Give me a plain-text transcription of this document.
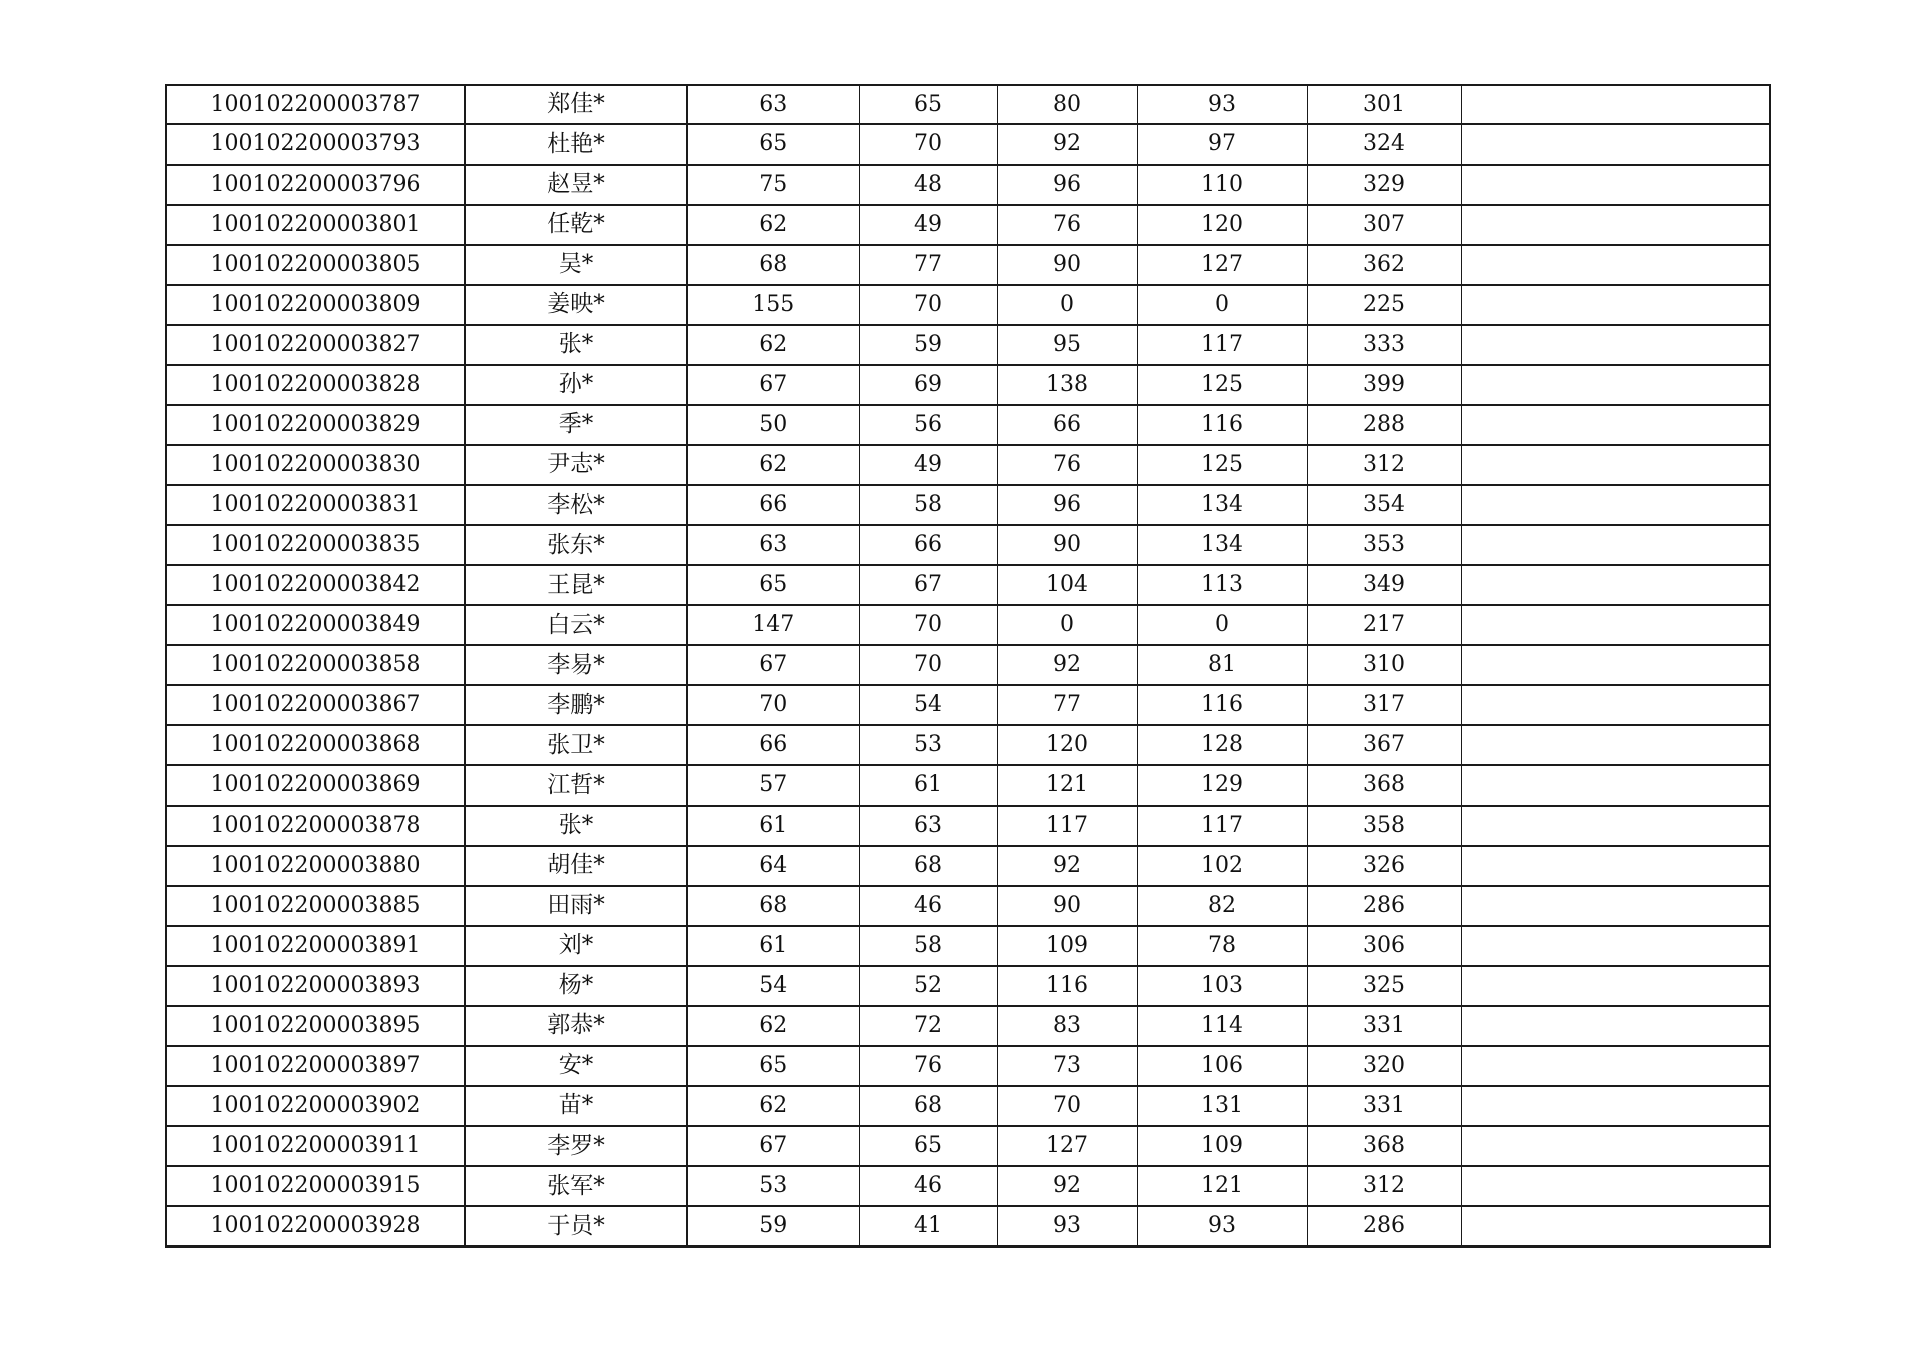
100102200003787	郑佳*	63	65	80	93	301	
100102200003793	杜艳*	65	70	92	97	324	
100102200003796	赵昱*	75	48	96	110	329	
100102200003801	任乾*	62	49	76	120	307	
100102200003805	吴*	68	77	90	127	362	
100102200003809	姜映*	155	70	0	0	225	
100102200003827	张*	62	59	95	117	333	
100102200003828	孙*	67	69	138	125	399	
100102200003829	季*	50	56	66	116	288	
100102200003830	尹志*	62	49	76	125	312	
100102200003831	李松*	66	58	96	134	354	
100102200003835	张东*	63	66	90	134	353	
100102200003842	王昆*	65	67	104	113	349	
100102200003849	白云*	147	70	0	0	217	
100102200003858	李易*	67	70	92	81	310	
100102200003867	李鹏*	70	54	77	116	317	
100102200003868	张卫*	66	53	120	128	367	
100102200003869	江哲*	57	61	121	129	368	
100102200003878	张*	61	63	117	117	358	
100102200003880	胡佳*	64	68	92	102	326	
100102200003885	田雨*	68	46	90	82	286	
100102200003891	刘*	61	58	109	78	306	
100102200003893	杨*	54	52	116	103	325	
100102200003895	郭恭*	62	72	83	114	331	
100102200003897	安*	65	76	73	106	320	
100102200003902	苗*	62	68	70	131	331	
100102200003911	李罗*	67	65	127	109	368	
100102200003915	张军*	53	46	92	121	312	
100102200003928	于员*	59	41	93	93	286	
